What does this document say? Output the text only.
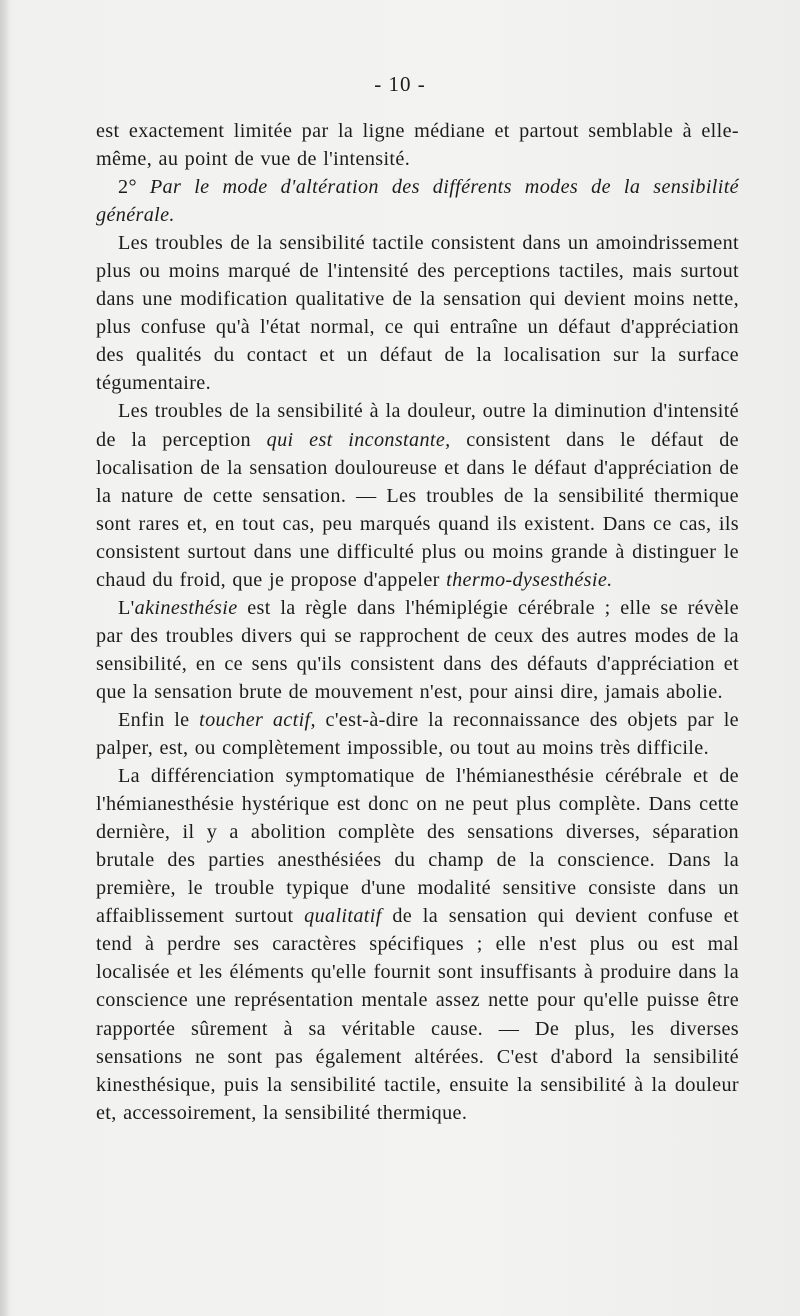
- 10 -

est exactement limitée par la ligne médiane et partout semblable à elle-même, au point de vue de l'intensité.

2° Par le mode d'altération des différents modes de la sensibilité générale.

Les troubles de la sensibilité tactile consistent dans un amoindrissement plus ou moins marqué de l'intensité des perceptions tactiles, mais surtout dans une modification qualitative de la sensation qui devient moins nette, plus confuse qu'à l'état normal, ce qui entraîne un défaut d'appréciation des qualités du contact et un défaut de la localisation sur la surface tégumentaire.

Les troubles de la sensibilité à la douleur, outre la diminution d'intensité de la perception qui est inconstante, consistent dans le défaut de localisation de la sensation douloureuse et dans le défaut d'appréciation de la nature de cette sensation. — Les troubles de la sensibilité thermique sont rares et, en tout cas, peu marqués quand ils existent. Dans ce cas, ils consistent surtout dans une difficulté plus ou moins grande à distinguer le chaud du froid, que je propose d'appeler thermo-dysesthésie.

L'akinesthésie est la règle dans l'hémiplégie cérébrale ; elle se révèle par des troubles divers qui se rapprochent de ceux des autres modes de la sensibilité, en ce sens qu'ils consistent dans des défauts d'appréciation et que la sensation brute de mouvement n'est, pour ainsi dire, jamais abolie.

Enfin le toucher actif, c'est-à-dire la reconnaissance des objets par le palper, est, ou complètement impossible, ou tout au moins très difficile.

La différenciation symptomatique de l'hémianesthésie cérébrale et de l'hémianesthésie hystérique est donc on ne peut plus complète. Dans cette dernière, il y a abolition complète des sensations diverses, séparation brutale des parties anesthésiées du champ de la conscience. Dans la première, le trouble typique d'une modalité sensitive consiste dans un affaiblissement surtout qualitatif de la sensation qui devient confuse et tend à perdre ses caractères spécifiques ; elle n'est plus ou est mal localisée et les éléments qu'elle fournit sont insuffisants à produire dans la conscience une représentation mentale assez nette pour qu'elle puisse être rapportée sûrement à sa véritable cause. — De plus, les diverses sensations ne sont pas également altérées. C'est d'abord la sensibilité kinesthésique, puis la sensibilité tactile, ensuite la sensibilité à la douleur et, accessoirement, la sensibilité thermique.
